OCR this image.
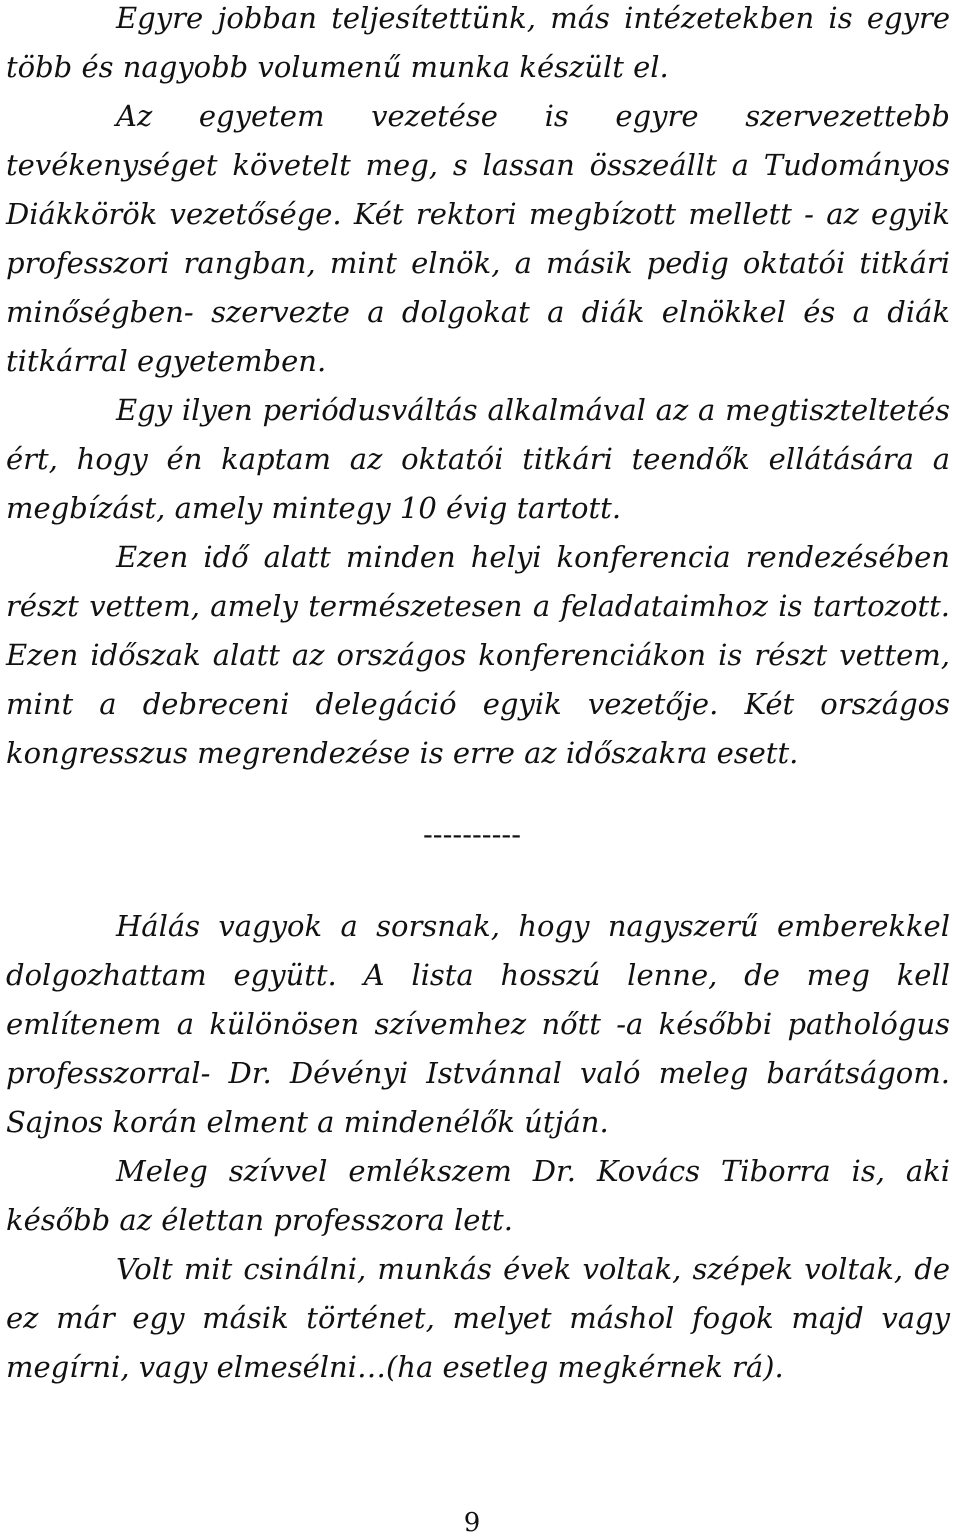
Egyre jobban teljesítettünk, más intézetekben is egyre több és nagyobb volumenű munka készült el.

Az egyetem vezetése is egyre szervezettebb tevékenységet követelt meg, s lassan összeállt a Tudományos Diákkörök vezetősége. Két rektori megbízott mellett - az egyik professzori rangban, mint elnök, a másik pedig oktatói titkári minőségben- szervezte a dolgokat a diák elnökkel és a diák titkárral egyetemben.

Egy ilyen periódusváltás alkalmával az a megtiszteltetés ért, hogy én kaptam az oktatói titkári teendők ellátására a megbízást, amely mintegy 10 évig tartott.

Ezen idő alatt minden helyi konferencia rendezésében részt vettem, amely természetesen a feladataimhoz is tartozott. Ezen időszak alatt az országos konferenciákon is részt vettem, mint a debreceni delegáció egyik vezetője. Két országos kongresszus megrendezése is erre az időszakra esett.

----------

Hálás vagyok a sorsnak, hogy nagyszerű emberekkel dolgozhattam együtt. A lista hosszú lenne, de meg kell említenem a különösen szívemhez nőtt -a későbbi pathológus professzorral- Dr. Dévényi Istvánnal való meleg barátságom. Sajnos korán elment a mindenélők útján.

Meleg szívvel emlékszem Dr. Kovács Tiborra is, aki később az élettan professzora lett.

Volt mit csinálni, munkás évek voltak, szépek voltak, de ez már egy másik történet, melyet máshol fogok majd vagy megírni, vagy elmesélni…(ha esetleg megkérnek rá).

9
